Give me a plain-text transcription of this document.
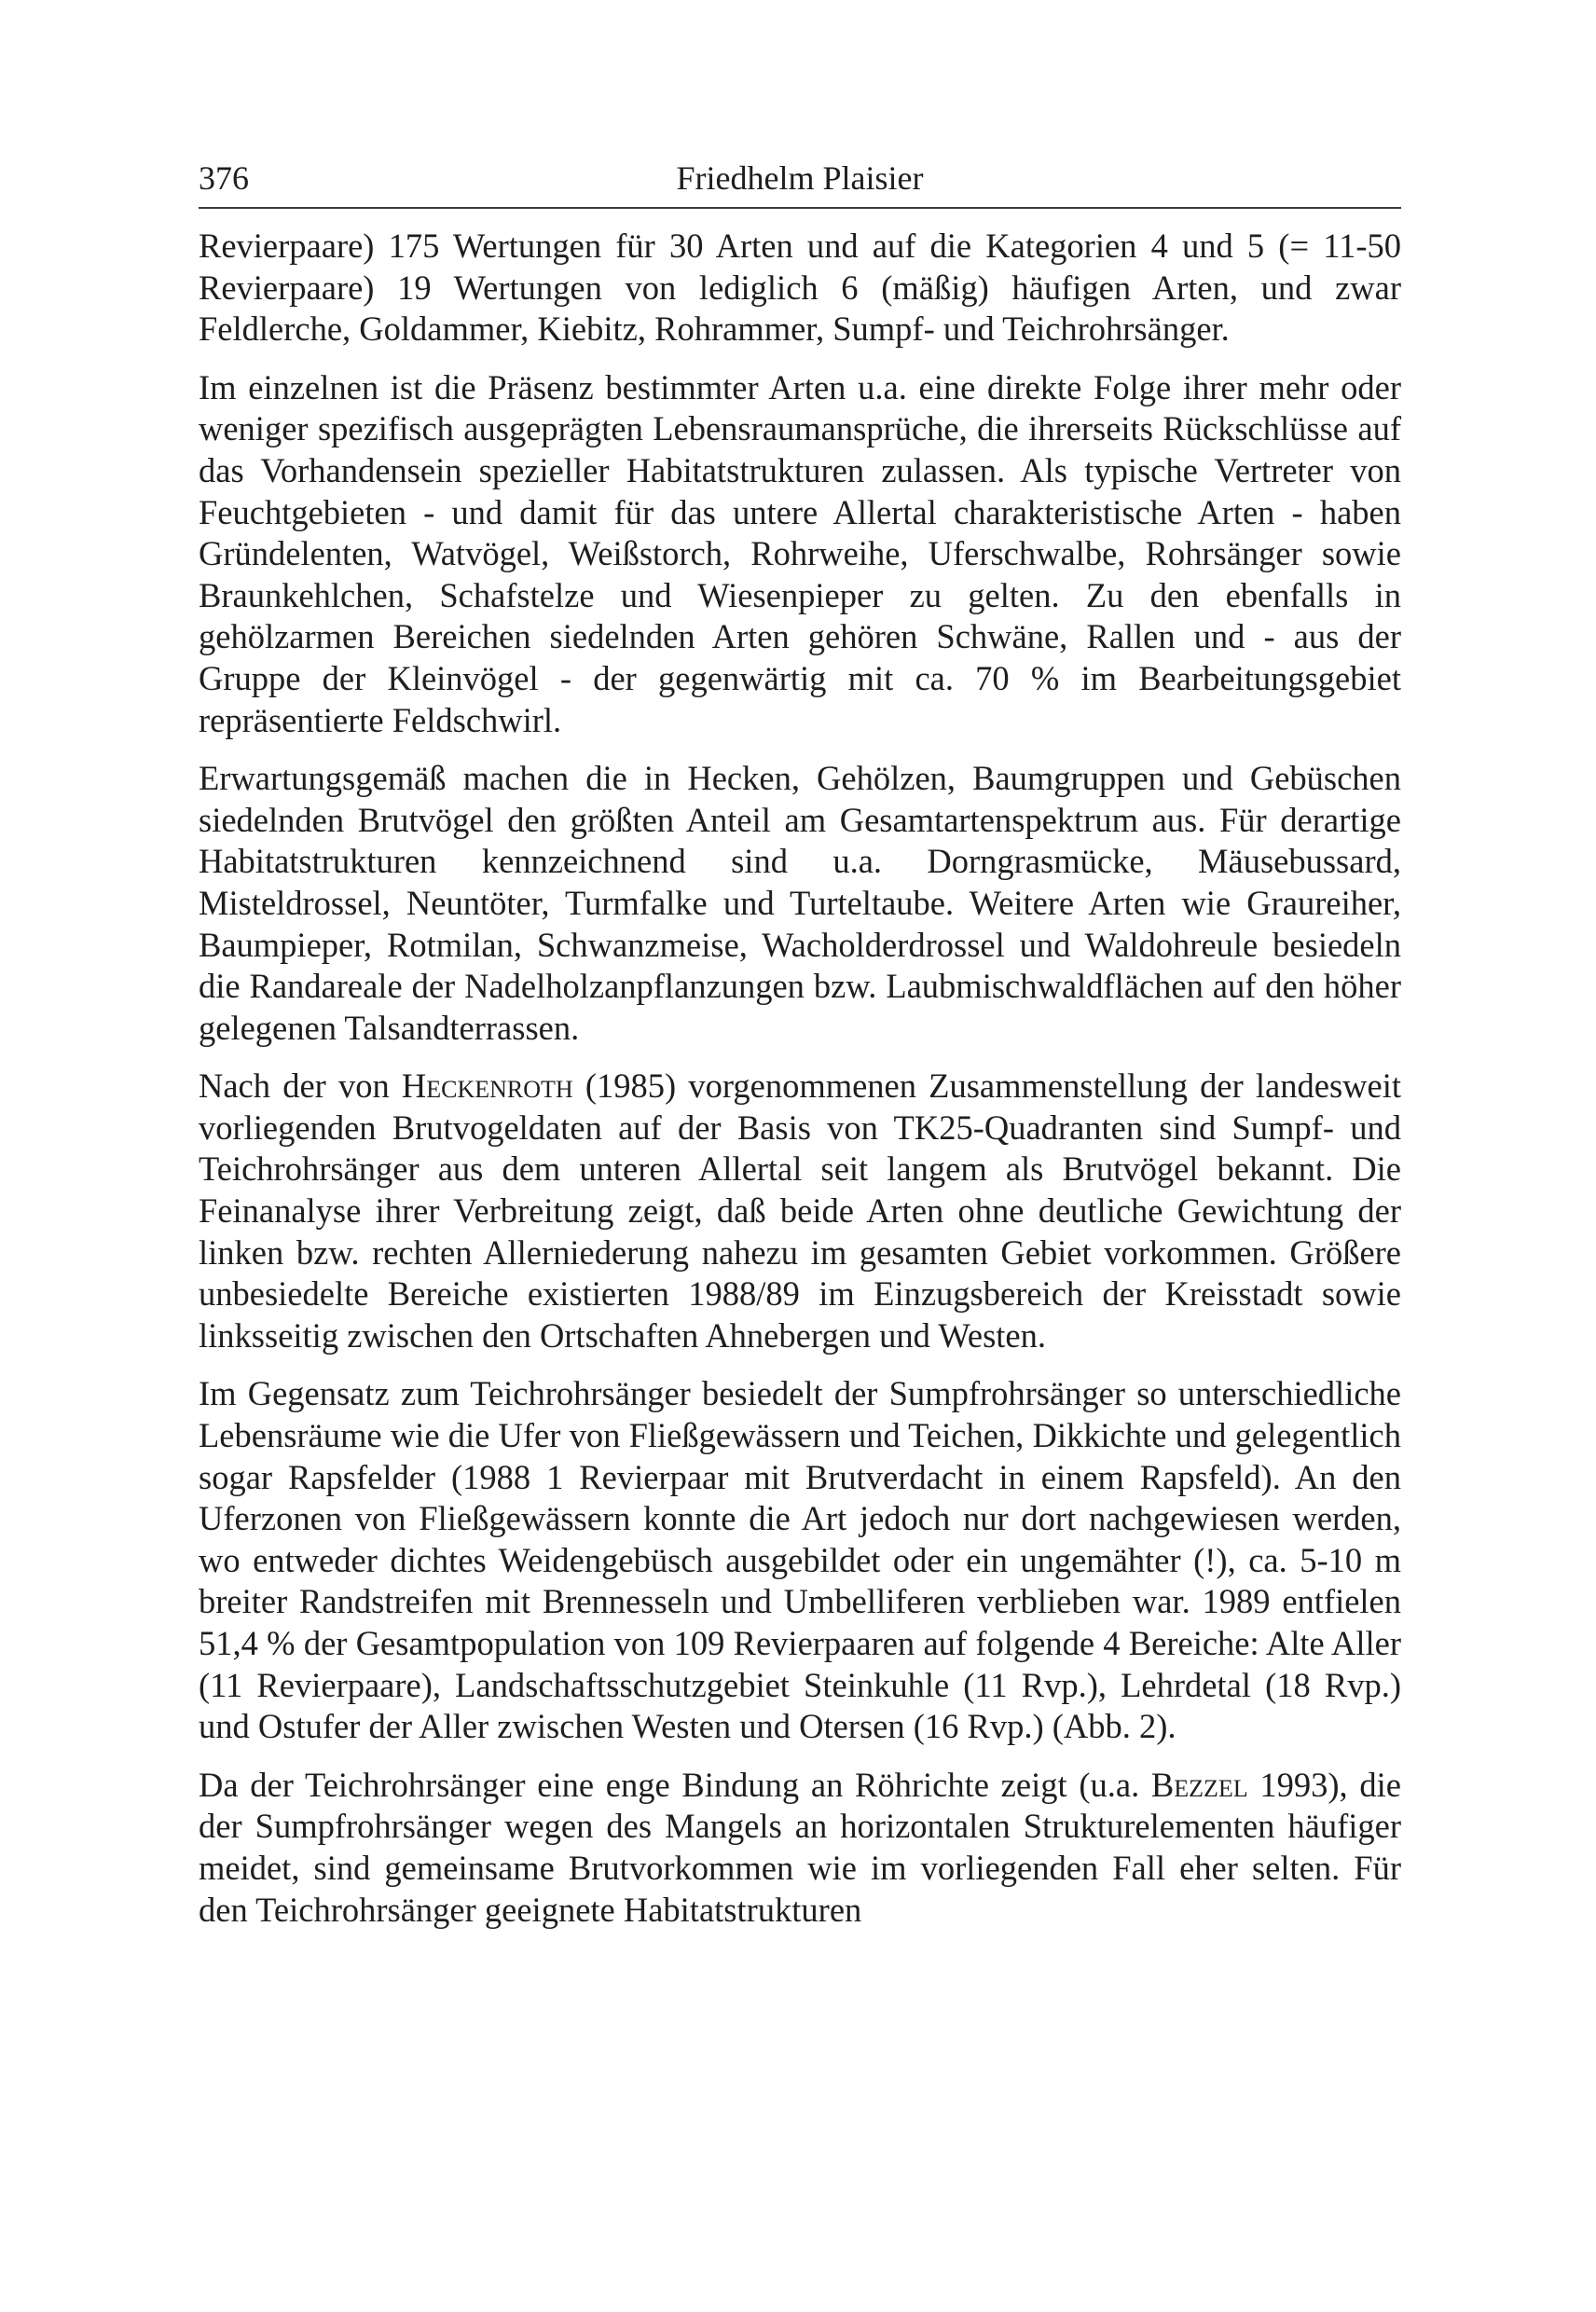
376	Friedhelm Plaisier

Revierpaare) 175 Wertungen für 30 Arten und auf die Kategorien 4 und 5 (= 11-50 Revierpaare) 19 Wertungen von lediglich 6 (mäßig) häufigen Arten, und zwar Feldlerche, Goldammer, Kiebitz, Rohrammer, Sumpf- und Teichrohrsänger.

Im einzelnen ist die Präsenz bestimmter Arten u.a. eine direkte Folge ihrer mehr oder weniger spezifisch ausgeprägten Lebensraumansprüche, die ihrerseits Rückschlüsse auf das Vorhandensein spezieller Habitatstrukturen zulassen. Als typische Vertreter von Feuchtgebieten - und damit für das untere Allertal charakteristische Arten - haben Gründelenten, Watvögel, Weißstorch, Rohrweihe, Uferschwalbe, Rohrsänger sowie Braunkehlchen, Schafstelze und Wiesenpieper zu gelten. Zu den ebenfalls in gehölzarmen Bereichen siedelnden Arten gehören Schwäne, Rallen und - aus der Gruppe der Kleinvögel - der gegenwärtig mit ca. 70 % im Bearbeitungsgebiet repräsentierte Feldschwirl.

Erwartungsgemäß machen die in Hecken, Gehölzen, Baumgruppen und Gebüschen siedelnden Brutvögel den größten Anteil am Gesamtartenspektrum aus. Für derartige Habitatstrukturen kennzeichnend sind u.a. Dorngrasmücke, Mäusebussard, Misteldrossel, Neuntöter, Turmfalke und Turteltaube. Weitere Arten wie Graureiher, Baumpieper, Rotmilan, Schwanzmeise, Wacholderdrossel und Waldohreule besiedeln die Randareale der Nadelholzanpflanzungen bzw. Laubmischwaldflächen auf den höher gelegenen Talsandterrassen.

Nach der von Heckenroth (1985) vorgenommenen Zusammenstellung der landesweit vorliegenden Brutvogeldaten auf der Basis von TK25-Quadranten sind Sumpf- und Teichrohrsänger aus dem unteren Allertal seit langem als Brutvögel bekannt. Die Feinanalyse ihrer Verbreitung zeigt, daß beide Arten ohne deutliche Gewichtung der linken bzw. rechten Allerniederung nahezu im gesamten Gebiet vorkommen. Größere unbesiedelte Bereiche existierten 1988/89 im Einzugsbereich der Kreisstadt sowie linksseitig zwischen den Ortschaften Ahnebergen und Westen.

Im Gegensatz zum Teichrohrsänger besiedelt der Sumpfrohrsänger so unterschiedliche Lebensräume wie die Ufer von Fließgewässern und Teichen, Dikkichte und gelegentlich sogar Rapsfelder (1988 1 Revierpaar mit Brutverdacht in einem Rapsfeld). An den Uferzonen von Fließgewässern konnte die Art jedoch nur dort nachgewiesen werden, wo entweder dichtes Weidengebüsch ausgebildet oder ein ungemähter (!), ca. 5-10 m breiter Randstreifen mit Brennesseln und Umbelliferen verblieben war. 1989 entfielen 51,4 % der Gesamtpopulation von 109 Revierpaaren auf folgende 4 Bereiche: Alte Aller (11 Revierpaare), Landschaftsschutzgebiet Steinkuhle (11 Rvp.), Lehrdetal (18 Rvp.) und Ostufer der Aller zwischen Westen und Otersen (16 Rvp.) (Abb. 2).

Da der Teichrohrsänger eine enge Bindung an Röhrichte zeigt (u.a. Bezzel 1993), die der Sumpfrohrsänger wegen des Mangels an horizontalen Strukturelementen häufiger meidet, sind gemeinsame Brutvorkommen wie im vorliegenden Fall eher selten. Für den Teichrohrsänger geeignete Habitatstrukturen
